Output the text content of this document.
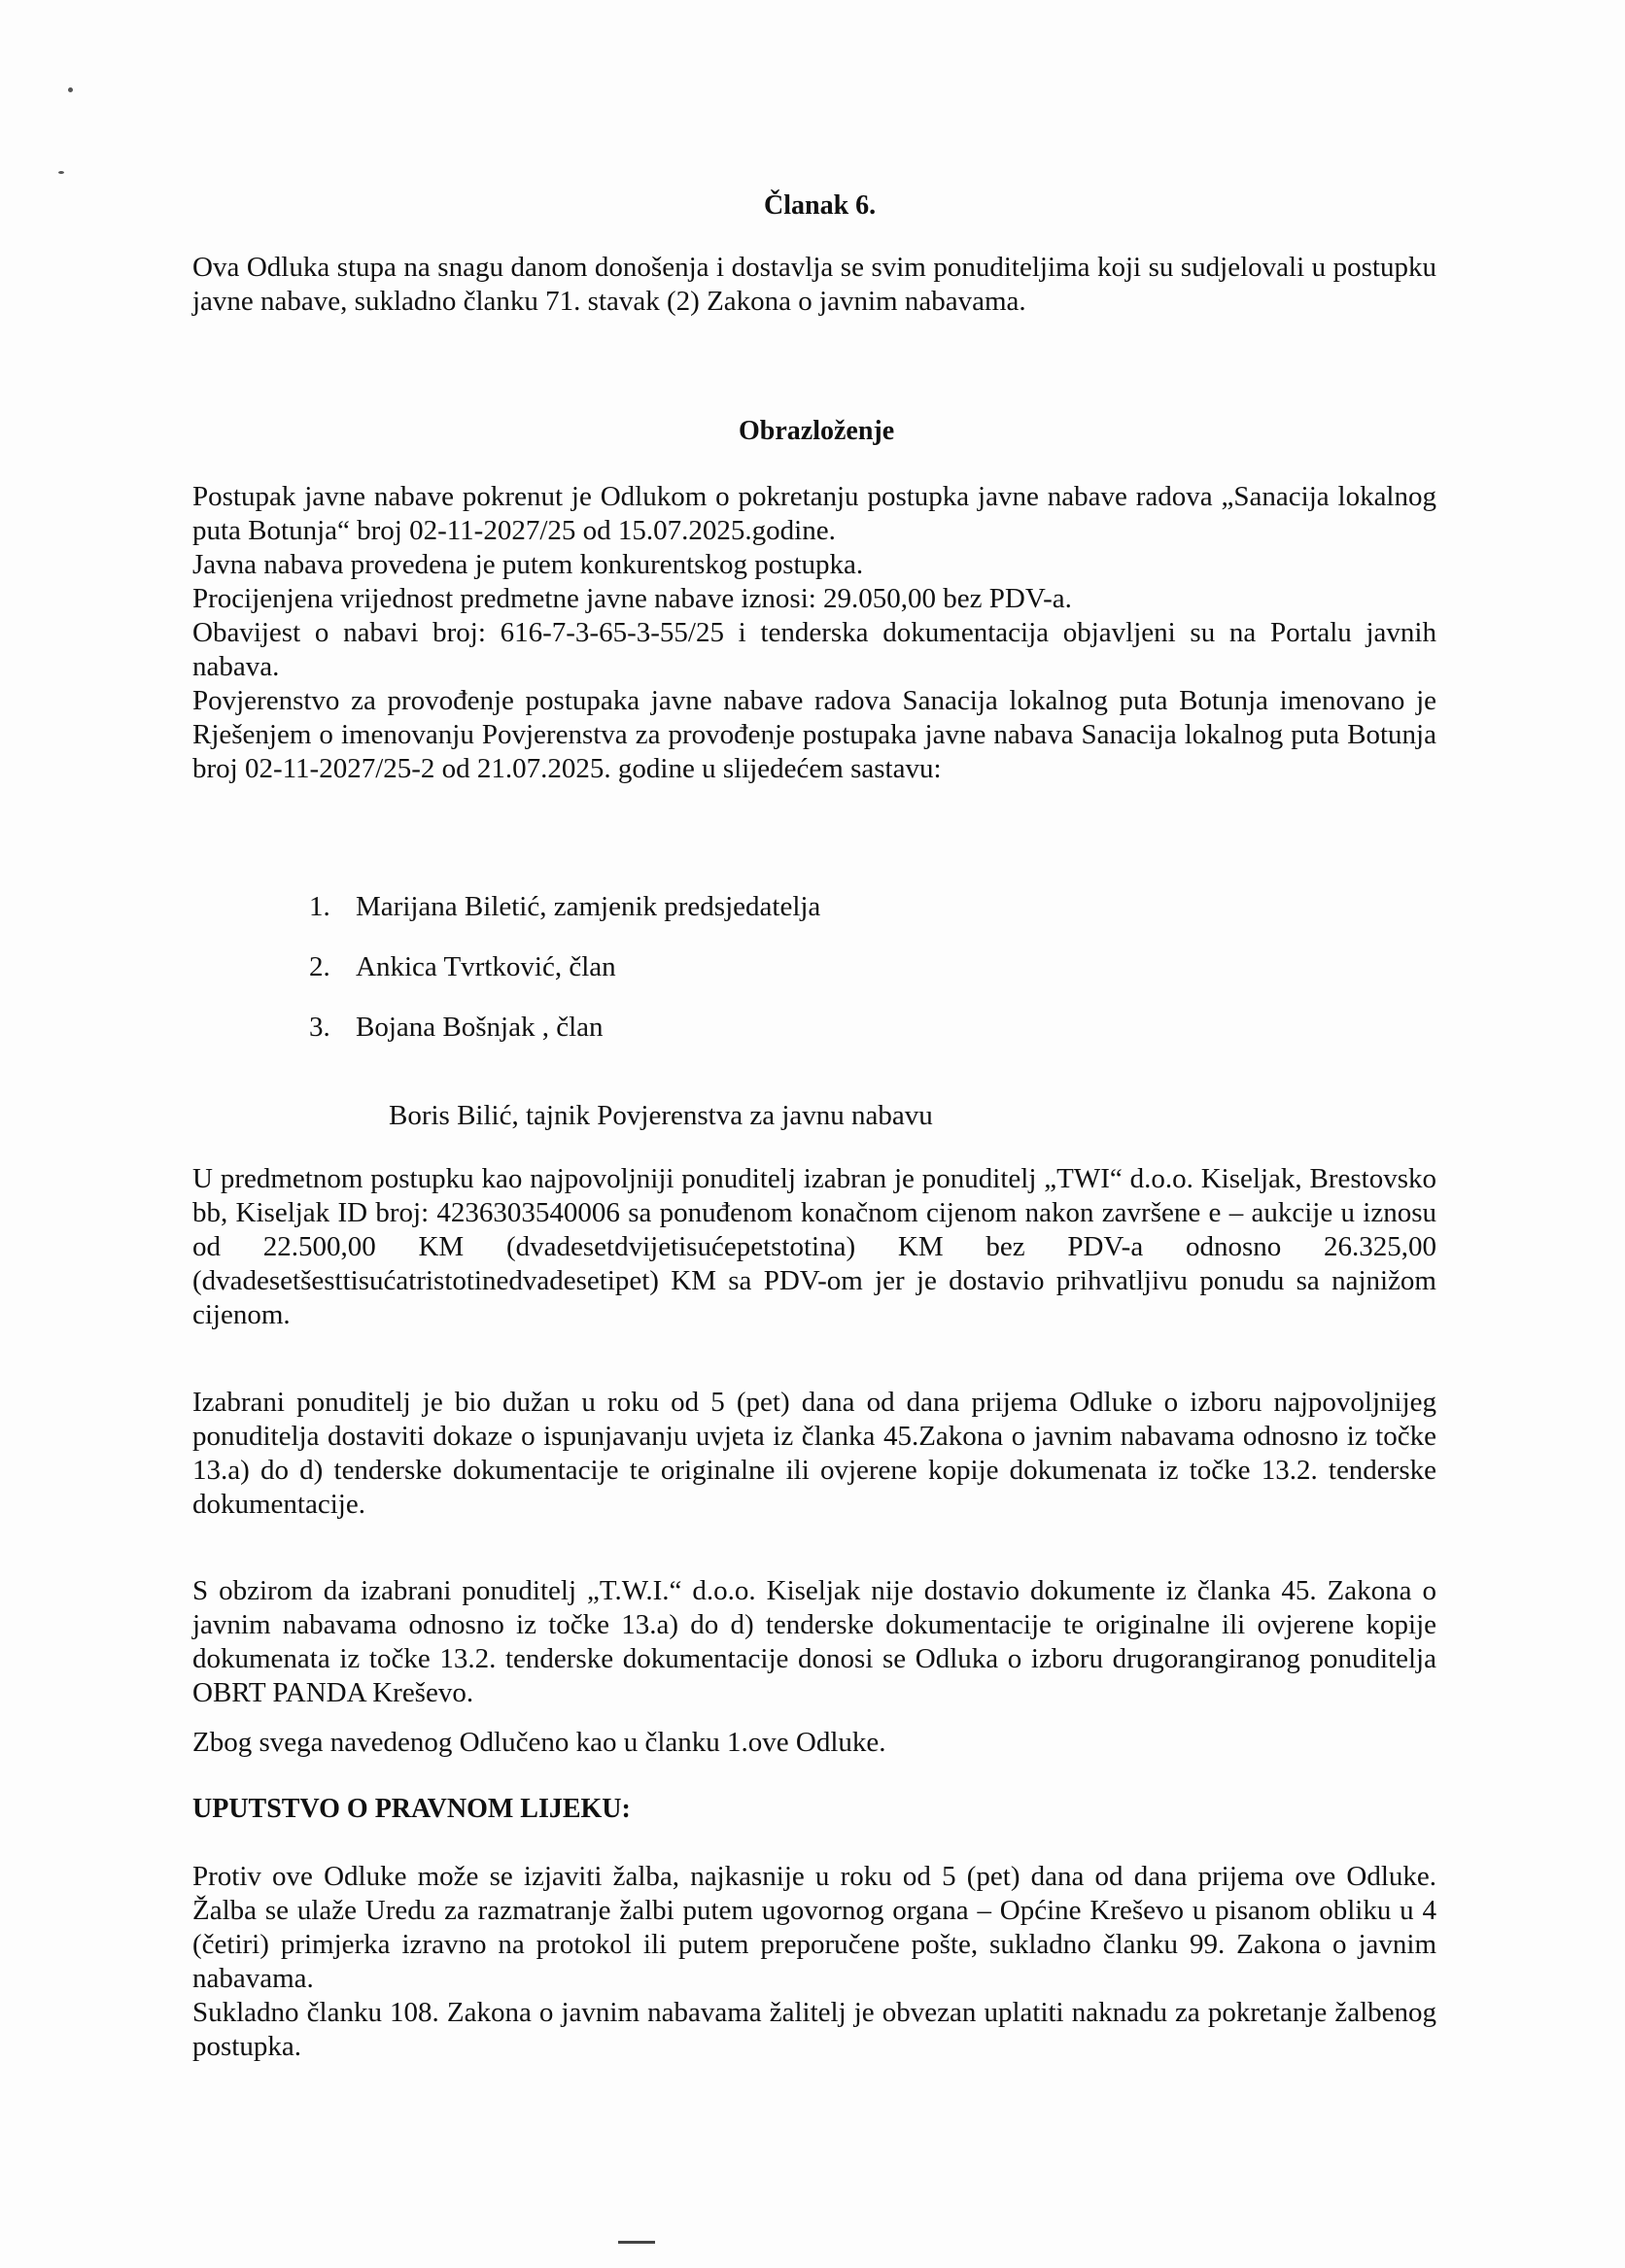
Članak 6.

Ova Odluka stupa na snagu danom donošenja i dostavlja se svim ponuditeljima koji su sudjelovali u postupku javne nabave, sukladno članku 71. stavak (2) Zakona o javnim nabavama.

Obrazloženje

Postupak javne nabave pokrenut je Odlukom o pokretanju postupka javne nabave radova „Sanacija lokalnog puta Botunja“ broj 02-11-2027/25 od 15.07.2025.godine.

Javna nabava provedena je putem konkurentskog postupka.

Procijenjena vrijednost predmetne javne nabave iznosi: 29.050,00 bez PDV-a.

Obavijest o nabavi broj: 616-7-3-65-3-55/25 i tenderska dokumentacija objavljeni su na Portalu javnih nabava.

Povjerenstvo za provođenje postupaka javne nabave radova Sanacija lokalnog puta Botunja imenovano je Rješenjem o imenovanju Povjerenstva za provođenje postupaka javne nabava Sanacija lokalnog puta Botunja broj 02-11-2027/25-2 od 21.07.2025. godine u slijedećem sastavu:

1. Marijana Biletić, zamjenik predsjedatelja
2. Ankica Tvrtković, član
3. Bojana Bošnjak , član
Boris Bilić, tajnik Povjerenstva za javnu nabavu

U predmetnom postupku kao najpovoljniji ponuditelj izabran je ponuditelj „TWI“ d.o.o. Kiseljak, Brestovsko bb, Kiseljak ID broj: 4236303540006 sa ponuđenom konačnom cijenom nakon završene e – aukcije u iznosu od 22.500,00 KM (dvadesetdvijetisućepetstotina) KM bez PDV-a odnosno 26.325,00 (dvadesetšesttisućatristotinedvadesetipet) KM sa PDV-om jer je dostavio prihvatljivu ponudu sa najnižom cijenom.

Izabrani ponuditelj je bio dužan u roku od 5 (pet) dana od dana prijema Odluke o izboru najpovoljnijeg ponuditelja dostaviti dokaze o ispunjavanju uvjeta iz članka 45.Zakona o javnim nabavama odnosno iz točke 13.a) do d) tenderske dokumentacije te originalne ili ovjerene kopije dokumenata iz točke 13.2. tenderske dokumentacije.

S obzirom da izabrani ponuditelj „T.W.I.“ d.o.o. Kiseljak nije dostavio dokumente iz članka 45. Zakona o javnim nabavama odnosno iz točke 13.a) do d) tenderske dokumentacije te originalne ili ovjerene kopije dokumenata iz točke 13.2. tenderske dokumentacije donosi se Odluka o izboru drugorangiranog ponuditelja OBRT PANDA Kreševo.

Zbog svega navedenog Odlučeno kao u članku 1.ove Odluke.

UPUTSTVO O PRAVNOM LIJEKU:

Protiv ove Odluke može se izjaviti žalba, najkasnije u roku od 5 (pet) dana od dana prijema ove Odluke. Žalba se ulaže Uredu za razmatranje žalbi putem ugovornog organa – Općine Kreševo u pisanom obliku u 4 (četiri) primjerka izravno na protokol ili putem preporučene pošte, sukladno članku 99. Zakona o javnim nabavama.

Sukladno članku 108. Zakona o javnim nabavama žalitelj je obvezan uplatiti naknadu za pokretanje žalbenog postupka.
